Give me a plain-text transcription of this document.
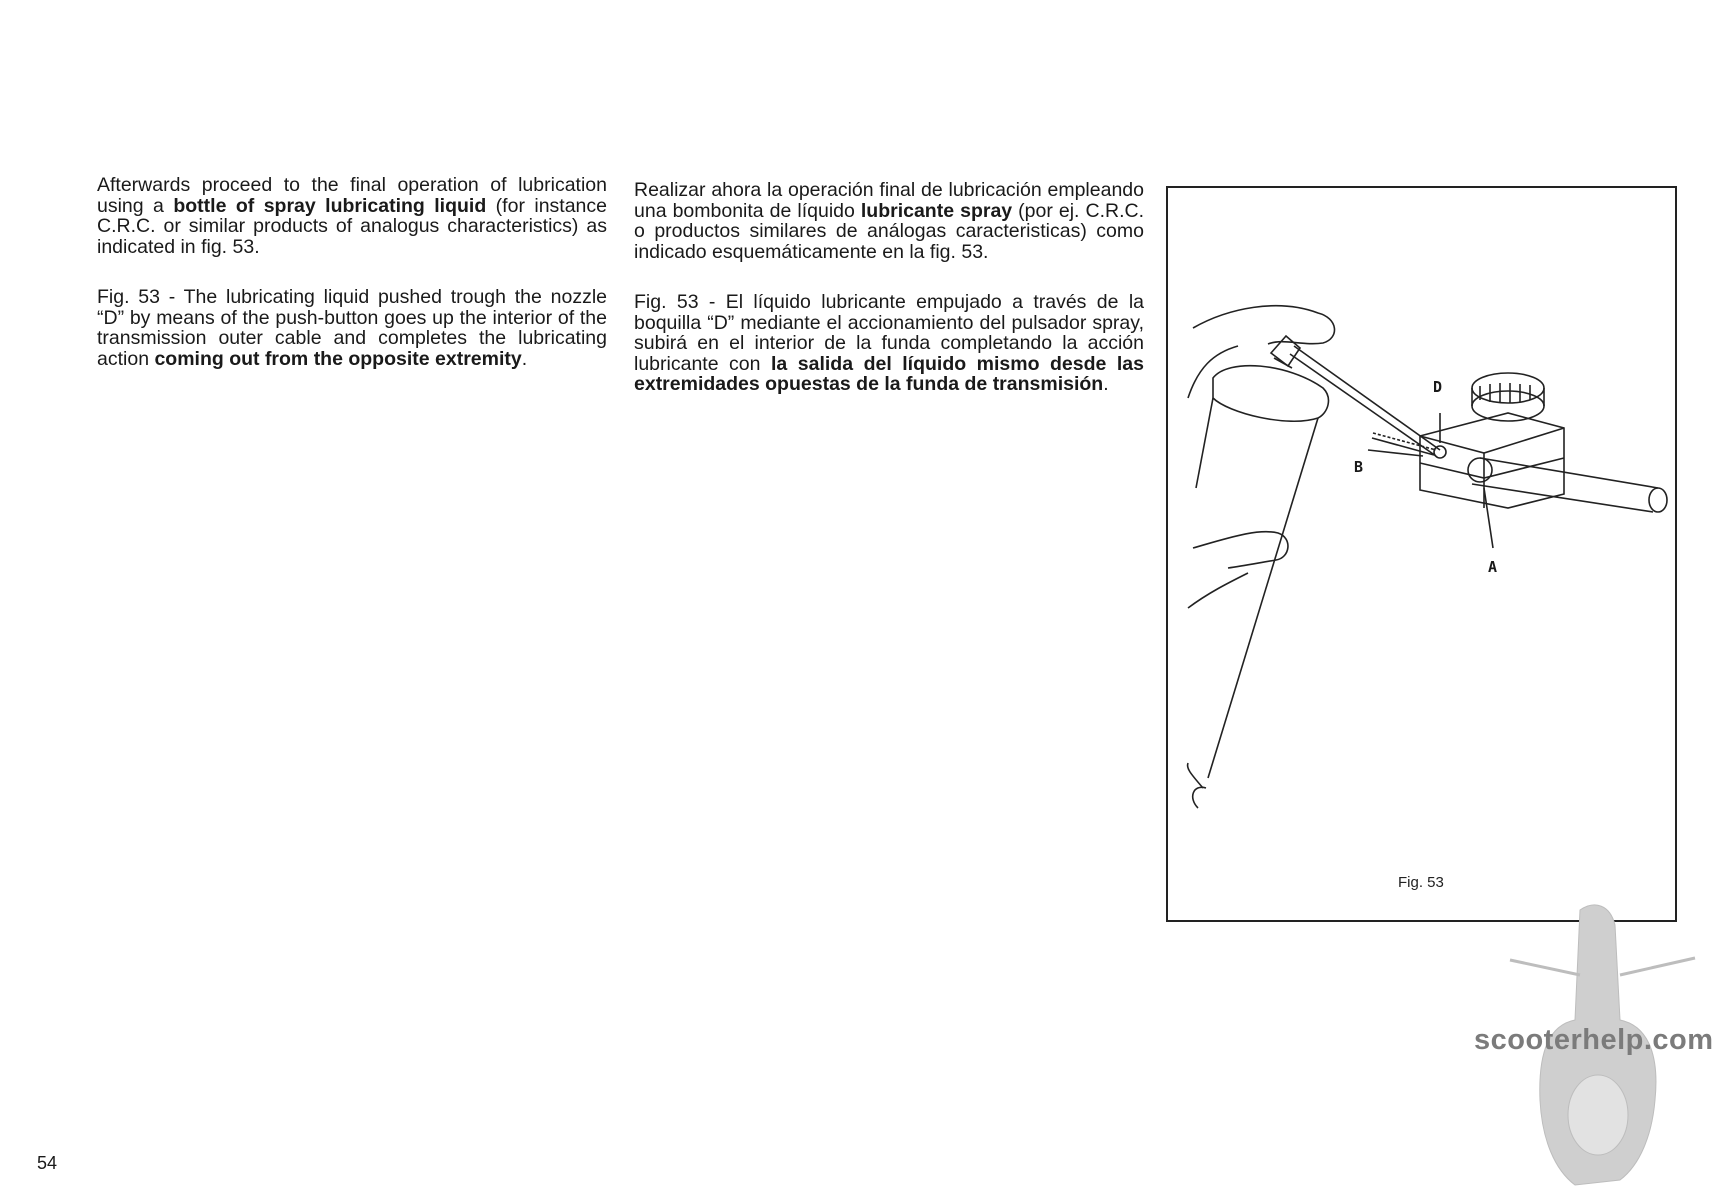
Afterwards proceed to the final operation of lubrication using a bottle of spray lubricating liquid (for instance C.R.C. or similar products of analogus characteristics) as indicated in fig. 53.

Fig. 53 - The lubricating liquid pushed trough the nozzle “D” by means of the push-button goes up the interior of the transmission outer cable and completes the lubricating action coming out from the opposite extremity.

Realizar ahora la operación final de lubricación empleando una bombonita de líquido lubricante spray (por ej. C.R.C. o productos similares de análogas caracteristicas) como indicado esquemáticamente en la fig. 53.

Fig. 53 - El líquido lubricante empujado a través de la boquilla “D” mediante el accionamiento del pulsador spray, subirá en el interior de la funda completando la acción lubricante con la salida del líquido mismo desde las extremidades opuestas de la funda de transmisión.	D
B
A
Fig. 53
scooterhelp.com
54
